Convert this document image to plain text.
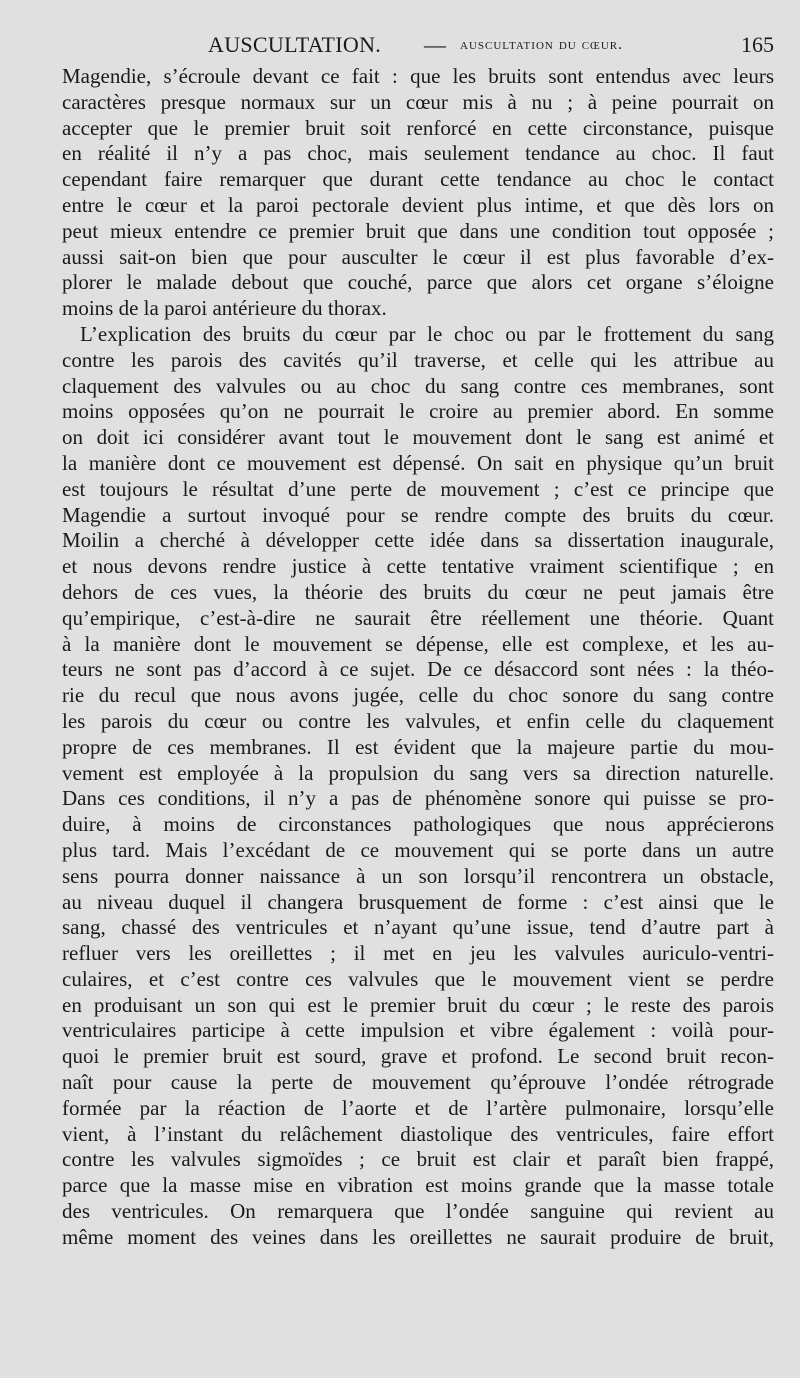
AUSCULTATION. — auscultation du cœur.	165
Magendie, s’écroule devant ce fait : que les bruits sont entendus avec leurs
caractères presque normaux sur un cœur mis à nu ; à peine pourrait on
accepter que le premier bruit soit renforcé en cette circonstance, puisque
en réalité il n’y a pas choc, mais seulement tendance au choc. Il faut
cependant faire remarquer que durant cette tendance au choc le contact
entre le cœur et la paroi pectorale devient plus intime, et que dès lors on
peut mieux entendre ce premier bruit que dans une condition tout opposée ;
aussi sait-on bien que pour ausculter le cœur il est plus favorable d’ex-
plorer le malade debout que couché, parce que alors cet organe s’éloigne
moins de la paroi antérieure du thorax.
L’explication des bruits du cœur par le choc ou par le frottement du sang
contre les parois des cavités qu’il traverse, et celle qui les attribue au
claquement des valvules ou au choc du sang contre ces membranes, sont
moins opposées qu’on ne pourrait le croire au premier abord. En somme
on doit ici considérer avant tout le mouvement dont le sang est animé et
la manière dont ce mouvement est dépensé. On sait en physique qu’un bruit
est toujours le résultat d’une perte de mouvement ; c’est ce principe que
Magendie a surtout invoqué pour se rendre compte des bruits du cœur.
Moilin a cherché à développer cette idée dans sa dissertation inaugurale,
et nous devons rendre justice à cette tentative vraiment scientifique ; en
dehors de ces vues, la théorie des bruits du cœur ne peut jamais être
qu’empirique, c’est-à-dire ne saurait être réellement une théorie. Quant
à la manière dont le mouvement se dépense, elle est complexe, et les au-
teurs ne sont pas d’accord à ce sujet. De ce désaccord sont nées : la théo-
rie du recul que nous avons jugée, celle du choc sonore du sang contre
les parois du cœur ou contre les valvules, et enfin celle du claquement
propre de ces membranes. Il est évident que la majeure partie du mou-
vement est employée à la propulsion du sang vers sa direction naturelle.
Dans ces conditions, il n’y a pas de phénomène sonore qui puisse se pro-
duire, à moins de circonstances pathologiques que nous apprécierons
plus tard. Mais l’excédant de ce mouvement qui se porte dans un autre
sens pourra donner naissance à un son lorsqu’il rencontrera un obstacle,
au niveau duquel il changera brusquement de forme : c’est ainsi que le
sang, chassé des ventricules et n’ayant qu’une issue, tend d’autre part à
refluer vers les oreillettes ; il met en jeu les valvules auriculo-ventri-
culaires, et c’est contre ces valvules que le mouvement vient se perdre
en produisant un son qui est le premier bruit du cœur ; le reste des parois
ventriculaires participe à cette impulsion et vibre également : voilà pour-
quoi le premier bruit est sourd, grave et profond. Le second bruit recon-
naît pour cause la perte de mouvement qu’éprouve l’ondée rétrograde
formée par la réaction de l’aorte et de l’artère pulmonaire, lorsqu’elle
vient, à l’instant du relâchement diastolique des ventricules, faire effort
contre les valvules sigmoïdes ; ce bruit est clair et paraît bien frappé,
parce que la masse mise en vibration est moins grande que la masse totale
des ventricules. On remarquera que l’ondée sanguine qui revient au
même moment des veines dans les oreillettes ne saurait produire de bruit,
